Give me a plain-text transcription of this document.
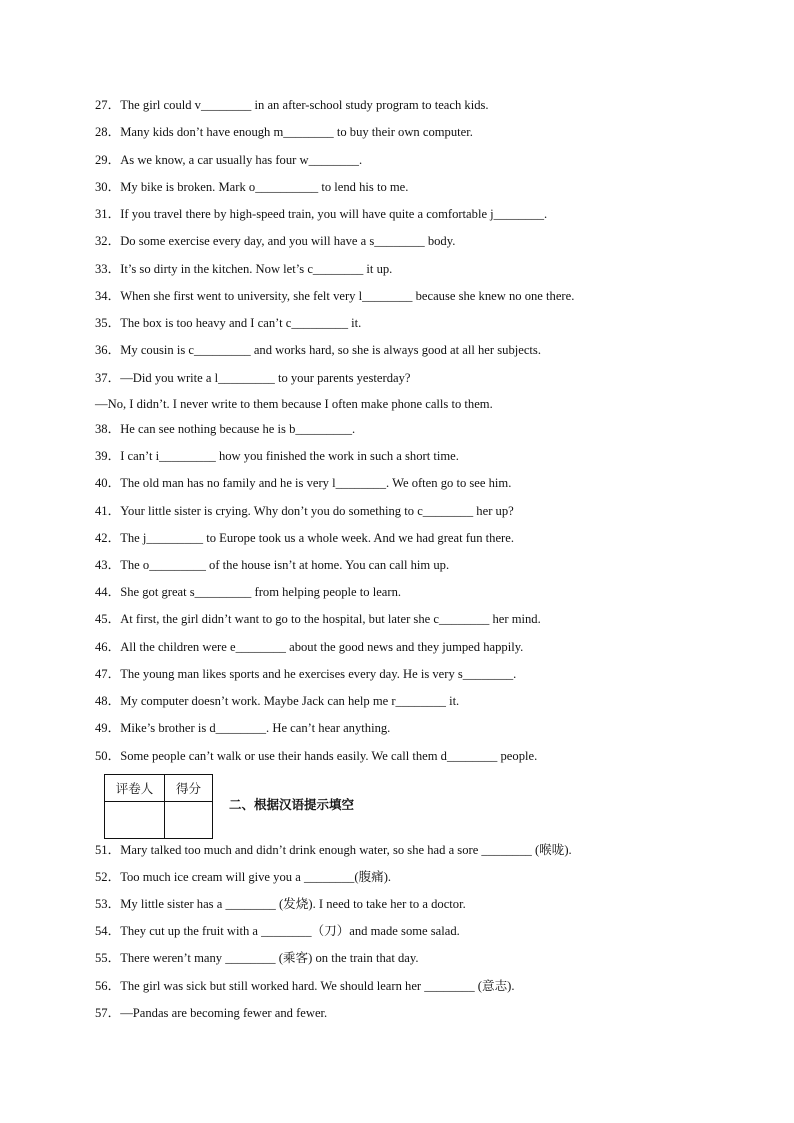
27．The girl could v________ in an after-school study program to teach kids.
28．Many kids don’t have enough m________ to buy their own computer.
29．As we know, a car usually has four w________.
30．My bike is broken. Mark o__________ to lend his to me.
31．If you travel there by high-speed train, you will have quite a comfortable j________.
32．Do some exercise every day, and you will have a s________ body.
33．It’s so dirty in the kitchen. Now let’s c________ it up.
34．When she first went to university, she felt very l________ because she knew no one there.
35．The box is too heavy and I can’t c_________ it.
36．My cousin is c_________ and works hard, so she is always good at all her subjects.
37．—Did you write a l_________ to your parents yesterday?
—No, I didn’t. I never write to them because I often make phone calls to them.
38．He can see nothing because he is b_________.
39．I can’t i_________ how you finished the work in such a short time.
40．The old man has no family and he is very l________. We often go to see him.
41．Your little sister is crying. Why don’t you do something to c________ her up?
42．The j_________ to Europe took us a whole week. And we had great fun there.
43．The o_________ of the house isn’t at home. You can call him up.
44．She got great s_________ from helping people to learn.
45．At first, the girl didn’t want to go to the hospital, but later she c________ her mind.
46．All the children were e________ about the good news and they jumped happily.
47．The young man likes sports and he exercises every day. He is very s________.
48．My computer doesn’t work. Maybe Jack can help me r________ it.
49．Mike’s brother is d________. He can’t hear anything.
50．Some people can’t walk or use their hands easily. We call them d________ people.
评卷人	得分

二、根据汉语提示填空
51．Mary talked too much and didn’t drink enough water, so she had a sore ________ (喉咙).
52．Too much ice cream will give you a ________(腹痛).
53．My little sister has a ________ (发烧). I need to take her to a doctor.
54．They cut up the fruit with a ________（刀）and made some salad.
55．There weren’t many ________ (乘客) on the train that day.
56．The girl was sick but still worked hard. We should learn her ________ (意志).
57．—Pandas are becoming fewer and fewer.
